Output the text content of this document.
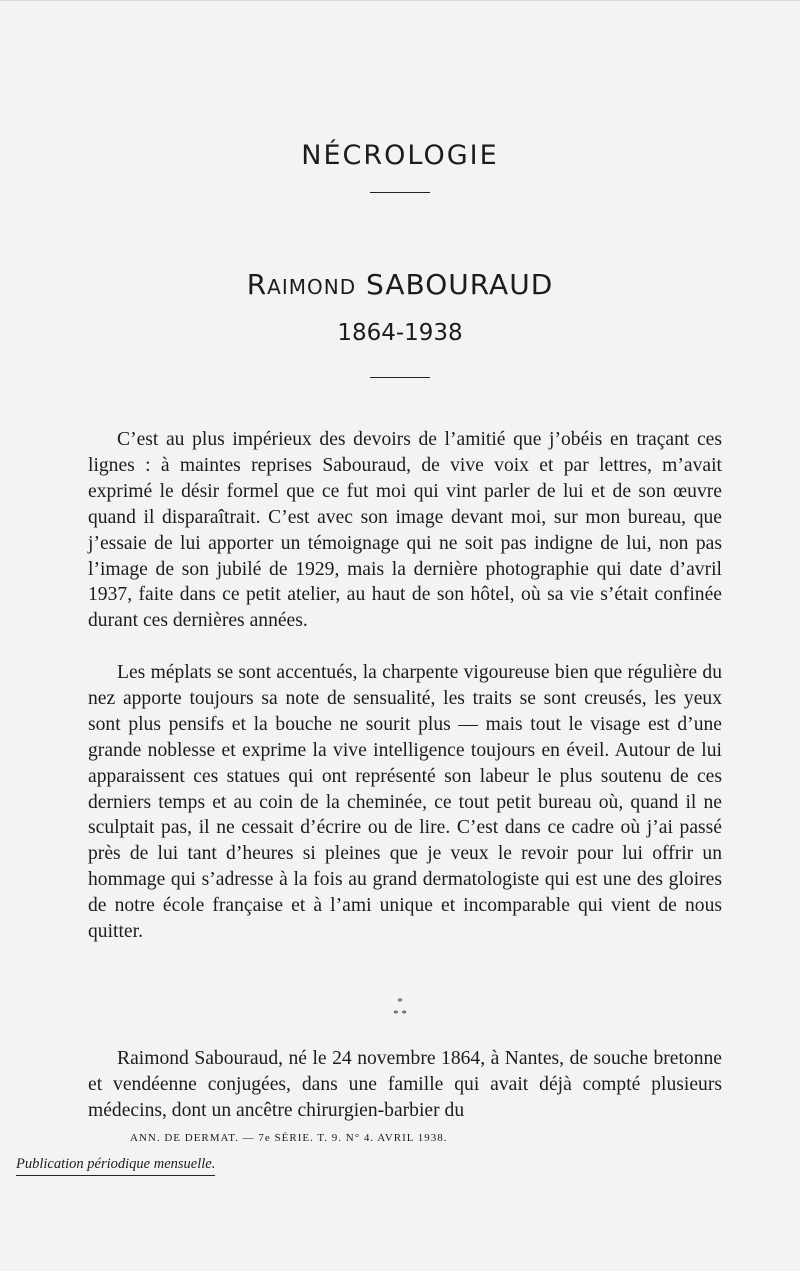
NÉCROLOGIE
Raimond SABOURAUD

1864-1938

C’est au plus impérieux des devoirs de l’amitié que j’obéis en traçant ces lignes : à maintes reprises Sabouraud, de vive voix et par lettres, m’avait exprimé le désir formel que ce fut moi qui vint parler de lui et de son œuvre quand il disparaîtrait. C’est avec son image devant moi, sur mon bureau, que j’essaie de lui apporter un témoignage qui ne soit pas indigne de lui, non pas l’image de son jubilé de 1929, mais la dernière photographie qui date d’avril 1937, faite dans ce petit atelier, au haut de son hôtel, où sa vie s’était confinée durant ces dernières années.

Les méplats se sont accentués, la charpente vigoureuse bien que régulière du nez apporte toujours sa note de sensualité, les traits se sont creusés, les yeux sont plus pensifs et la bouche ne sourit plus — mais tout le visage est d’une grande noblesse et exprime la vive intelligence toujours en éveil. Autour de lui apparaissent ces statues qui ont représenté son labeur le plus soutenu de ces derniers temps et au coin de la cheminée, ce tout petit bureau où, quand il ne sculptait pas, il ne cessait d’écrire ou de lire. C’est dans ce cadre où j’ai passé près de lui tant d’heures si pleines que je veux le revoir pour lui offrir un hommage qui s’adresse à la fois au grand dermatologiste qui est une des gloires de notre école française et à l’ami unique et incomparable qui vient de nous quitter.

*
* *

Raimond Sabouraud, né le 24 novembre 1864, à Nantes, de souche bretonne et vendéenne conjugées, dans une famille qui avait déjà compté plusieurs médecins, dont un ancêtre chirurgien-barbier du

ANN. DE DERMAT. — 7e SÉRIE. T. 9. N° 4. AVRIL 1938.

Publication périodique mensuelle.
